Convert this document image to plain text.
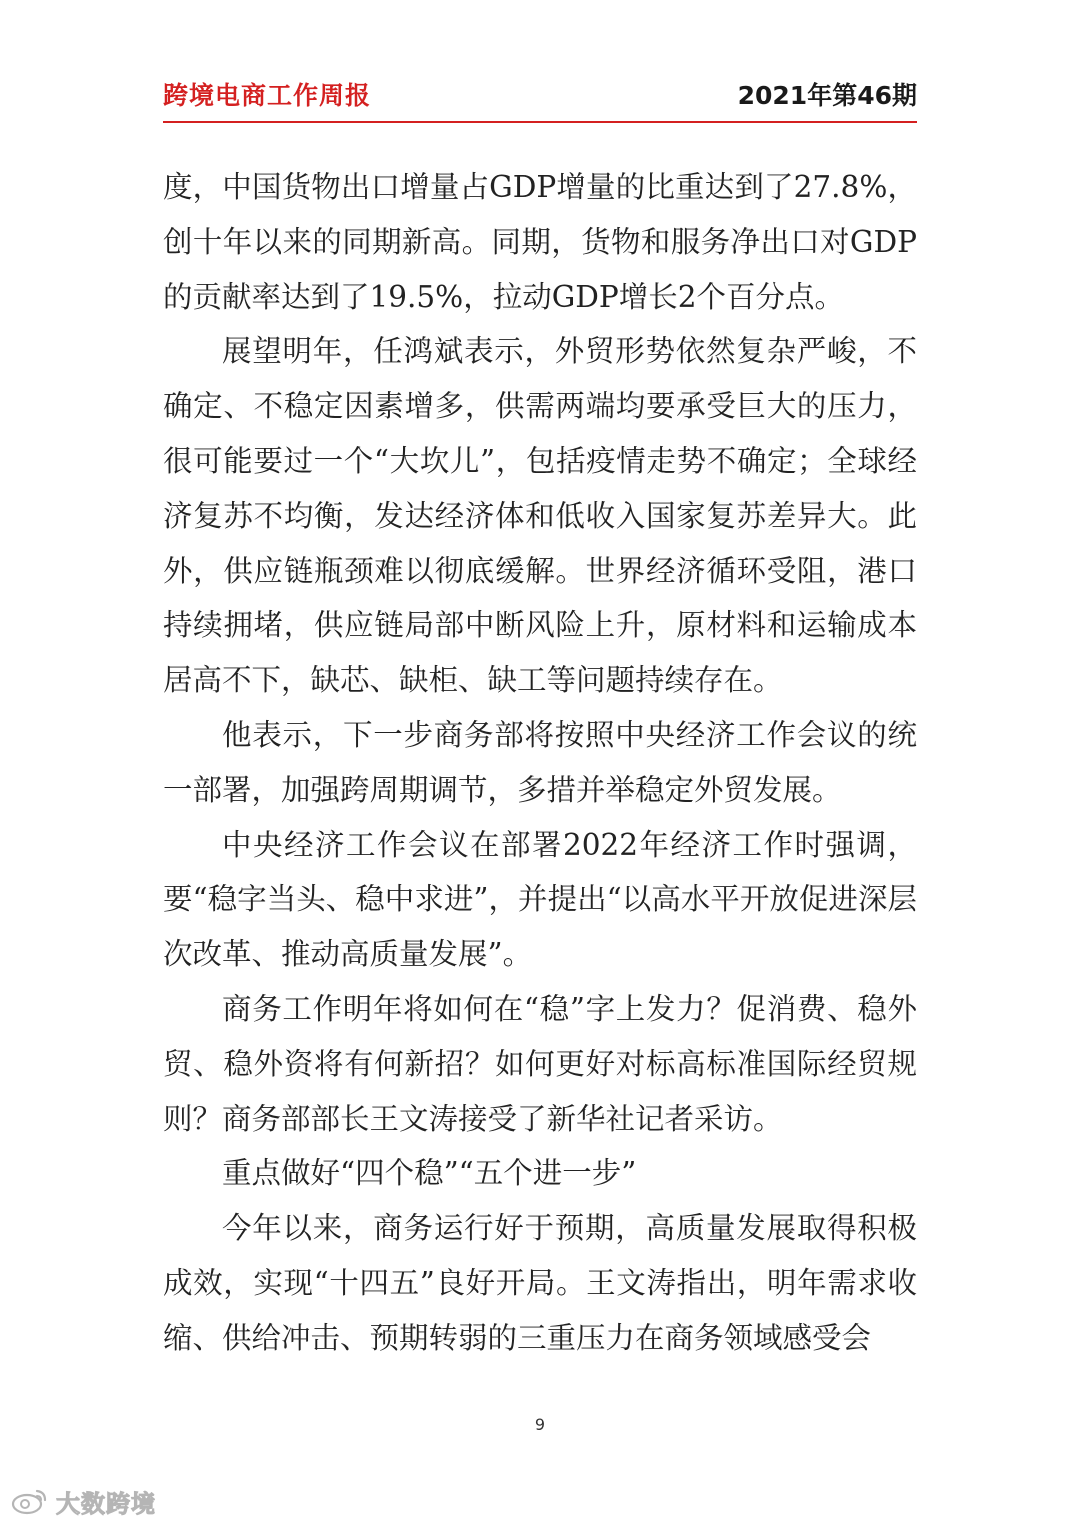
跨境电商工作周报	2021年第46期

度，中国货物出口增量占GDP增量的比重达到了27.8%，创十年以来的同期新高。同期，货物和服务净出口对GDP的贡献率达到了19.5%，拉动GDP增长2个百分点。

展望明年，任鸿斌表示，外贸形势依然复杂严峻，不确定、不稳定因素增多，供需两端均要承受巨大的压力，很可能要过一个“大坎儿”，包括疫情走势不确定；全球经济复苏不均衡，发达经济体和低收入国家复苏差异大。此外，供应链瓶颈难以彻底缓解。世界经济循环受阻，港口持续拥堵，供应链局部中断风险上升，原材料和运输成本居高不下，缺芯、缺柜、缺工等问题持续存在。

他表示，下一步商务部将按照中央经济工作会议的统一部署，加强跨周期调节，多措并举稳定外贸发展。

中央经济工作会议在部署2022年经济工作时强调，要“稳字当头、稳中求进”，并提出“以高水平开放促进深层次改革、推动高质量发展”。

商务工作明年将如何在“稳”字上发力？促消费、稳外贸、稳外资将有何新招？如何更好对标高标准国际经贸规则？商务部部长王文涛接受了新华社记者采访。

重点做好“四个稳”“五个进一步”

今年以来，商务运行好于预期，高质量发展取得积极成效，实现“十四五”良好开局。王文涛指出，明年需求收缩、供给冲击、预期转弱的三重压力在商务领域感受会

9
大数跨境
